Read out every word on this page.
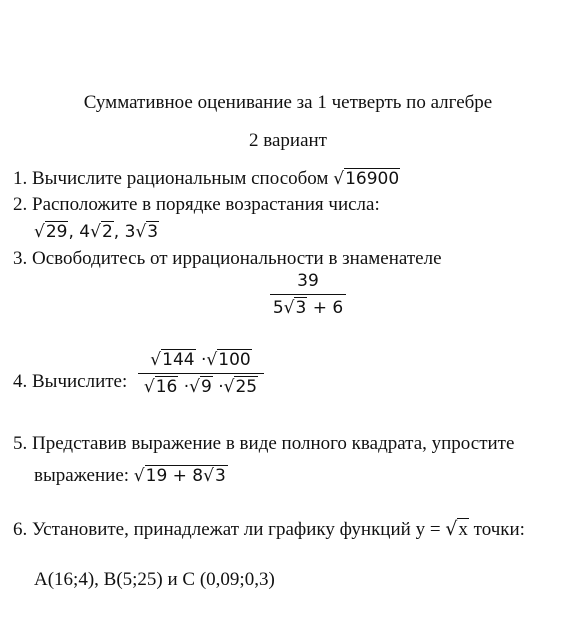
Суммативное оценивание за 1 четверть по алгебре
2 вариант
1. Вычислите рациональным способом √16900
2. Расположите в порядке возрастания числа:
√29, 4√2, 3√3
3. Освободитесь от иррациональности в знаменателе
39
5√3 + 6
4. Вычислите:
√144 ·√100
√16 ·√9 ·√25
5. Представив выражение в виде полного квадрата, упростите
выражение: √19 + 8√3
6. Установите, принадлежат ли графику функций у = √x точки:
A(16;4), B(5;25) и C (0,09;0,3)
